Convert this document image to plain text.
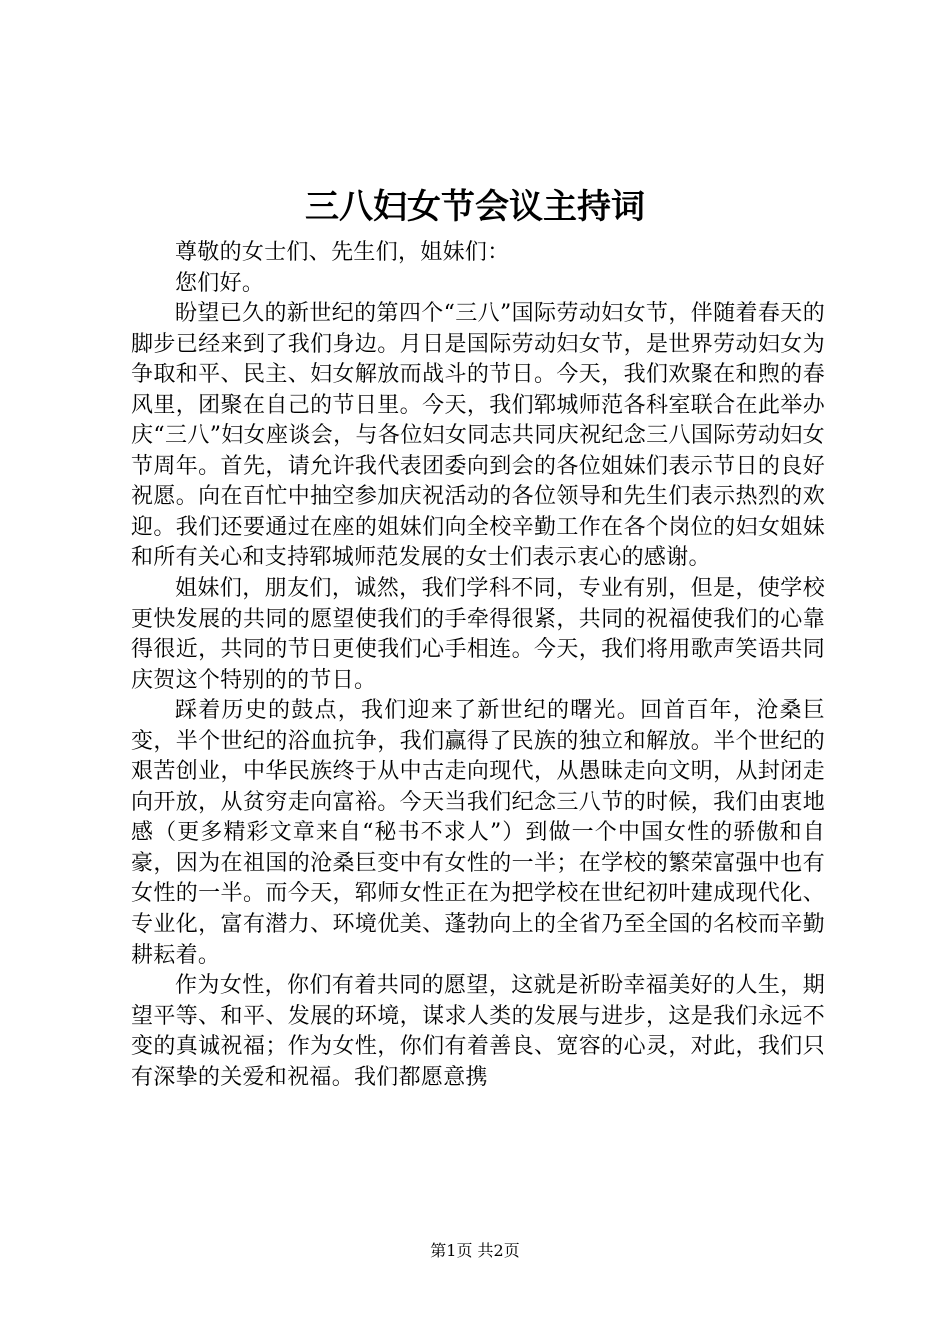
三八妇女节会议主持词

尊敬的女士们、先生们，姐妹们：

您们好。

盼望已久的新世纪的第四个“三八”国际劳动妇女节，伴随着春天的脚步已经来到了我们身边。月日是国际劳动妇女节，是世界劳动妇女为争取和平、民主、妇女解放而战斗的节日。今天，我们欢聚在和煦的春风里，团聚在自己的节日里。今天，我们郓城师范各科室联合在此举办庆“三八”妇女座谈会，与各位妇女同志共同庆祝纪念三八国际劳动妇女节周年。首先，请允许我代表团委向到会的各位姐妹们表示节日的良好祝愿。向在百忙中抽空参加庆祝活动的各位领导和先生们表示热烈的欢迎。我们还要通过在座的姐妹们向全校辛勤工作在各个岗位的妇女姐妹和所有关心和支持郓城师范发展的女士们表示衷心的感谢。

姐妹们，朋友们，诚然，我们学科不同，专业有别，但是，使学校更快发展的共同的愿望使我们的手牵得很紧，共同的祝福使我们的心靠得很近，共同的节日更使我们心手相连。今天，我们将用歌声笑语共同庆贺这个特别的的节日。

踩着历史的鼓点，我们迎来了新世纪的曙光。回首百年，沧桑巨变，半个世纪的浴血抗争，我们赢得了民族的独立和解放。半个世纪的艰苦创业，中华民族终于从中古走向现代，从愚昧走向文明，从封闭走向开放，从贫穷走向富裕。今天当我们纪念三八节的时候，我们由衷地感（更多精彩文章来自“秘书不求人”）到做一个中国女性的骄傲和自豪，因为在祖国的沧桑巨变中有女性的一半；在学校的繁荣富强中也有女性的一半。而今天，郓师女性正在为把学校在世纪初叶建成现代化、专业化，富有潜力、环境优美、蓬勃向上的全省乃至全国的名校而辛勤耕耘着。

作为女性，你们有着共同的愿望，这就是祈盼幸福美好的人生，期望平等、和平、发展的环境，谋求人类的发展与进步，这是我们永远不变的真诚祝福；作为女性，你们有着善良、宽容的心灵，对此，我们只有深挚的关爱和祝福。我们都愿意携

第1页 共2页
